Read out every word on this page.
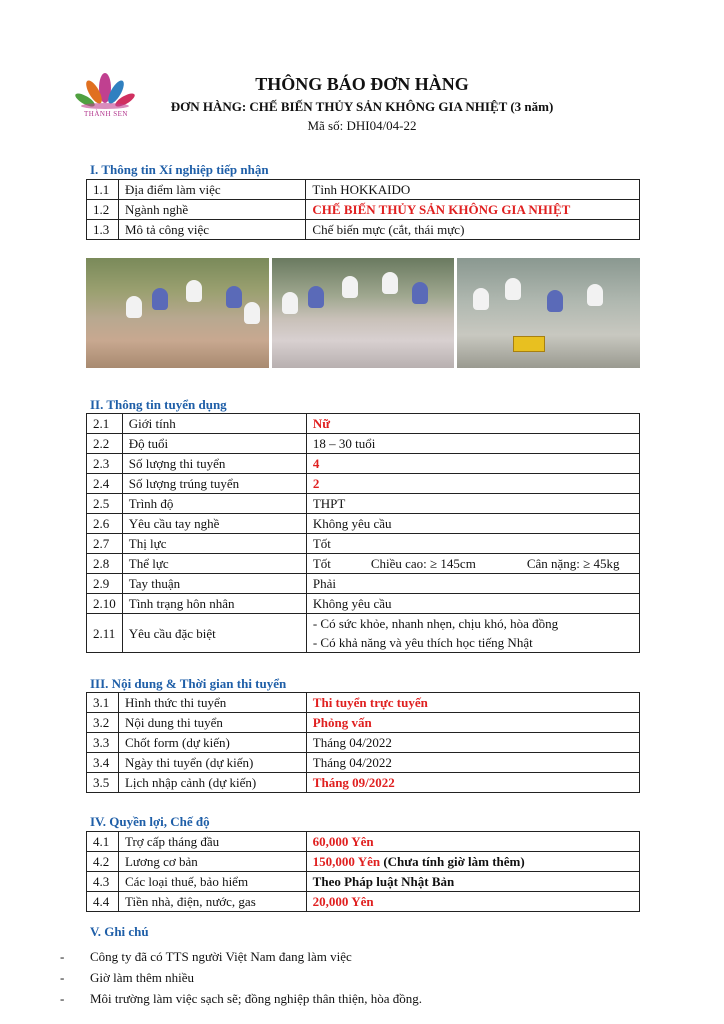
THÀNH SEN
THÔNG BÁO ĐƠN HÀNG
ĐƠN HÀNG: CHẾ BIẾN THỦY SẢN KHÔNG GIA NHIỆT (3 năm)
Mã số: DHI04/04-22
I. Thông tin Xí nghiệp tiếp nhận
1.1	Địa điểm làm việc	Tỉnh HOKKAIDO
1.2	Ngành nghề	CHẾ BIẾN THỦY SẢN KHÔNG GIA NHIỆT
1.3	Mô tả công việc	Chế biến mực (cắt, thái mực)
II. Thông tin tuyển dụng
2.1	Giới tính	Nữ
2.2	Độ tuổi	18 – 30 tuổi
2.3	Số lượng thi tuyển	4
2.4	Số lượng trúng tuyển	2
2.5	Trình độ	THPT
2.6	Yêu cầu tay nghề	Không yêu cầu
2.7	Thị lực	Tốt
2.8	Thể lực	Tốt Chiều cao: ≥ 145cm Cân nặng: ≥ 45kg
2.9	Tay thuận	Phải
2.10	Tình trạng hôn nhân	Không yêu cầu
2.11	Yêu cầu đặc biệt	- Có sức khỏe, nhanh nhẹn, chịu khó, hòa đồng
- Có khả năng và yêu thích học tiếng Nhật
III. Nội dung & Thời gian thi tuyển
3.1	Hình thức thi tuyển	Thi tuyển trực tuyến
3.2	Nội dung thi tuyển	Phỏng vấn
3.3	Chốt form (dự kiến)	Tháng 04/2022
3.4	Ngày thi tuyển (dự kiến)	Tháng 04/2022
3.5	Lịch nhập cảnh (dự kiến)	Tháng 09/2022
IV. Quyền lợi, Chế độ
4.1	Trợ cấp tháng đầu	60,000 Yên
4.2	Lương cơ bản	150,000 Yên (Chưa tính giờ làm thêm)
4.3	Các loại thuế, bảo hiểm	Theo Pháp luật Nhật Bản
4.4	Tiền nhà, điện, nước, gas	20,000 Yên
V. Ghi chú
- Công ty đã có TTS người Việt Nam đang làm việc
- Giờ làm thêm nhiều
- Môi trường làm việc sạch sẽ; đồng nghiệp thân thiện, hòa đồng.
